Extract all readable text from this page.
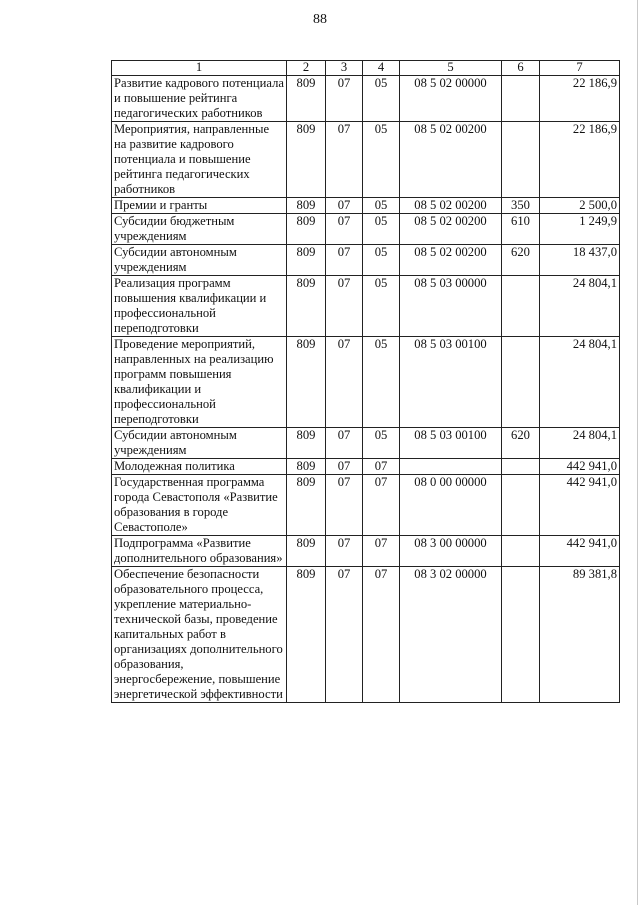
88
1	2	3	4	5	6	7
Развитие кадрового потенциала и повышение рейтинга педагогических работников	809	07	05	08 5 02 00000		22 186,9
Мероприятия, направленные на развитие кадрового потенциала и повышение рейтинга педагогических работников	809	07	05	08 5 02 00200		22 186,9
Премии и гранты	809	07	05	08 5 02 00200	350	2 500,0
Субсидии бюджетным учреждениям	809	07	05	08 5 02 00200	610	1 249,9
Субсидии автономным учреждениям	809	07	05	08 5 02 00200	620	18 437,0
Реализация программ повышения квалификации и профессиональной переподготовки	809	07	05	08 5 03 00000		24 804,1
Проведение мероприятий, направленных на реализацию программ повышения квалификации и профессиональной переподготовки	809	07	05	08 5 03 00100		24 804,1
Субсидии автономным учреждениям	809	07	05	08 5 03 00100	620	24 804,1
Молодежная политика	809	07	07			442 941,0
Государственная программа города Севастополя «Развитие образования в городе Севастополе»	809	07	07	08 0 00 00000		442 941,0
Подпрограмма «Развитие дополнительного образования»	809	07	07	08 3 00 00000		442 941,0
Обеспечение безопасности образовательного процесса, укрепление материально-технической базы, проведение капитальных работ в организациях дополнительного образования, энергосбережение, повышение энергетической эффективности	809	07	07	08 3 02 00000		89 381,8
